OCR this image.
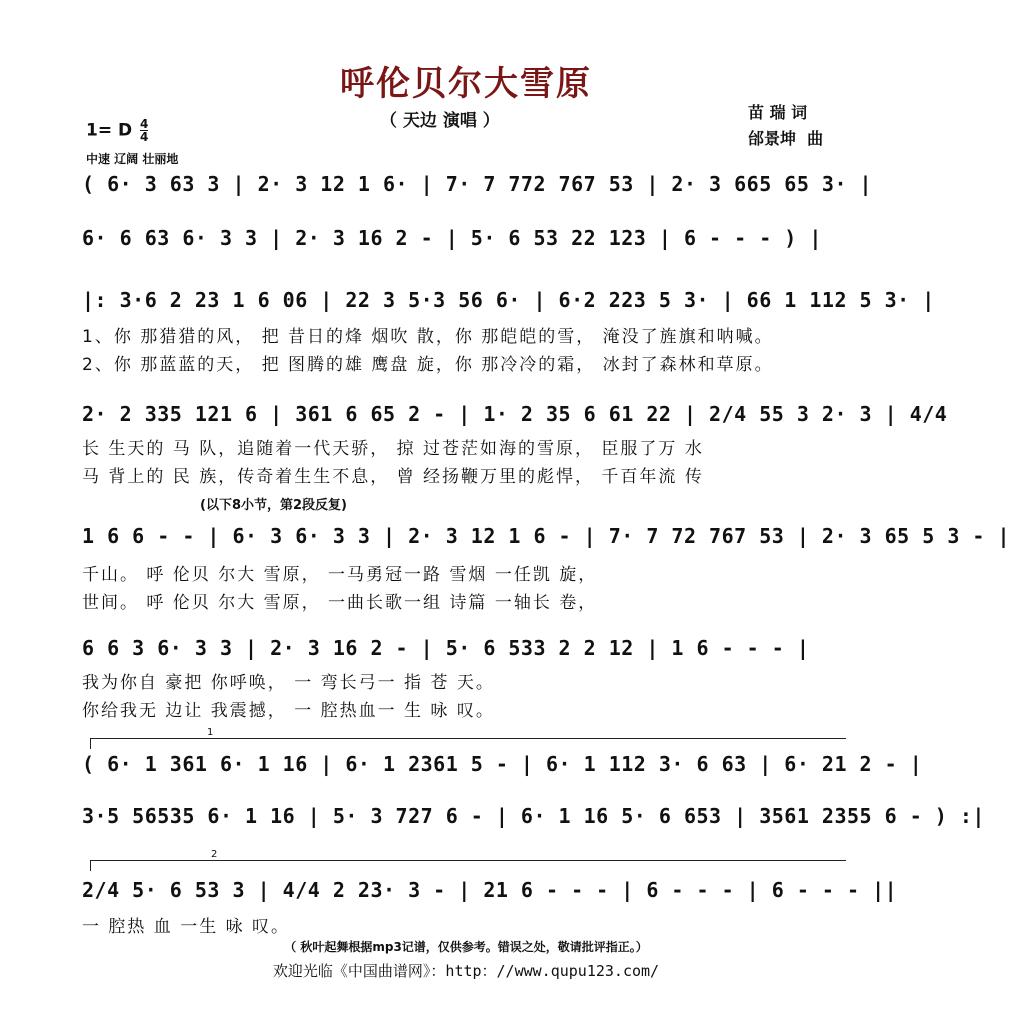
呼伦贝尔大雪原
（ 天边 演唱 ）	苗 瑞 词
邰景坤  曲
1= D $\frac{4}{4}$
中速 辽阔 壮丽地
( 6· 3 63 3 | 2· 3 12 1 6· | 7· 7 772 767 53 | 2· 3 665 65 3· |
6· 6 63 6· 3 3 | 2· 3 16 2 - | 5· 6 53 22 123 | 6 - - - ) |
|: 3·6 2 23 1 6 06 | 22 3 5·3 56 6· | 6·2 223 5 3· | 66 1 112 5 3· |
1、你 那猎猎的风， 把 昔日的烽 烟吹 散，你 那皑皑的雪， 淹没了旌旗和呐喊。
2、你 那蓝蓝的天， 把 图腾的雄 鹰盘 旋，你 那冷冷的霜， 冰封了森林和草原。
2· 2 335 121 6 | 361 6 65 2 - | 1· 2 35 6 61 22 | 2/4 55 3 2· 3 | 4/4
长 生天的 马 队，追随着一代天骄， 掠 过苍茫如海的雪原， 臣服了万 水
马 背上的 民 族，传奇着生生不息， 曾 经扬鞭万里的彪悍， 千百年流 传
(以下8小节，第2段反复)
1 6 6 - - | 6· 3 6· 3 3 | 2· 3 12 1 6 - | 7· 7 72 767 53 | 2· 3 65 5 3 - |
千山。 呼 伦贝 尔大 雪原， 一马勇冠一路 雪烟 一任凯 旋，
世间。 呼 伦贝 尔大 雪原， 一曲长歌一组 诗篇 一轴长 卷，
6 6 3 6· 3 3 | 2· 3 16 2 - | 5· 6 533 2 2 12 | 1 6 - - - |
我为你自 豪把 你呼唤， 一 弯长弓一 指 苍 天。
你给我无 边让 我震撼， 一 腔热血一 生 咏 叹。
1
( 6· 1 361 6· 1 16 | 6· 1 2361 5 - | 6· 1 112 3· 6 63 | 6· 21 2 - |
3·5 56535 6· 1 16 | 5· 3 727 6 - | 6· 1 16 5· 6 653 | 3561 2355 6 - ) :|
2
2/4 5· 6 53 3 | 4/4 2 23· 3 - | 21 6 - - - | 6 - - - | 6 - - - ||
一 腔热 血 一生 咏 叹。
（ 秋叶起舞根据mp3记谱，仅供参考。错误之处，敬请批评指正。）
欢迎光临《中国曲谱网》：http：//www.qupu123.com/
